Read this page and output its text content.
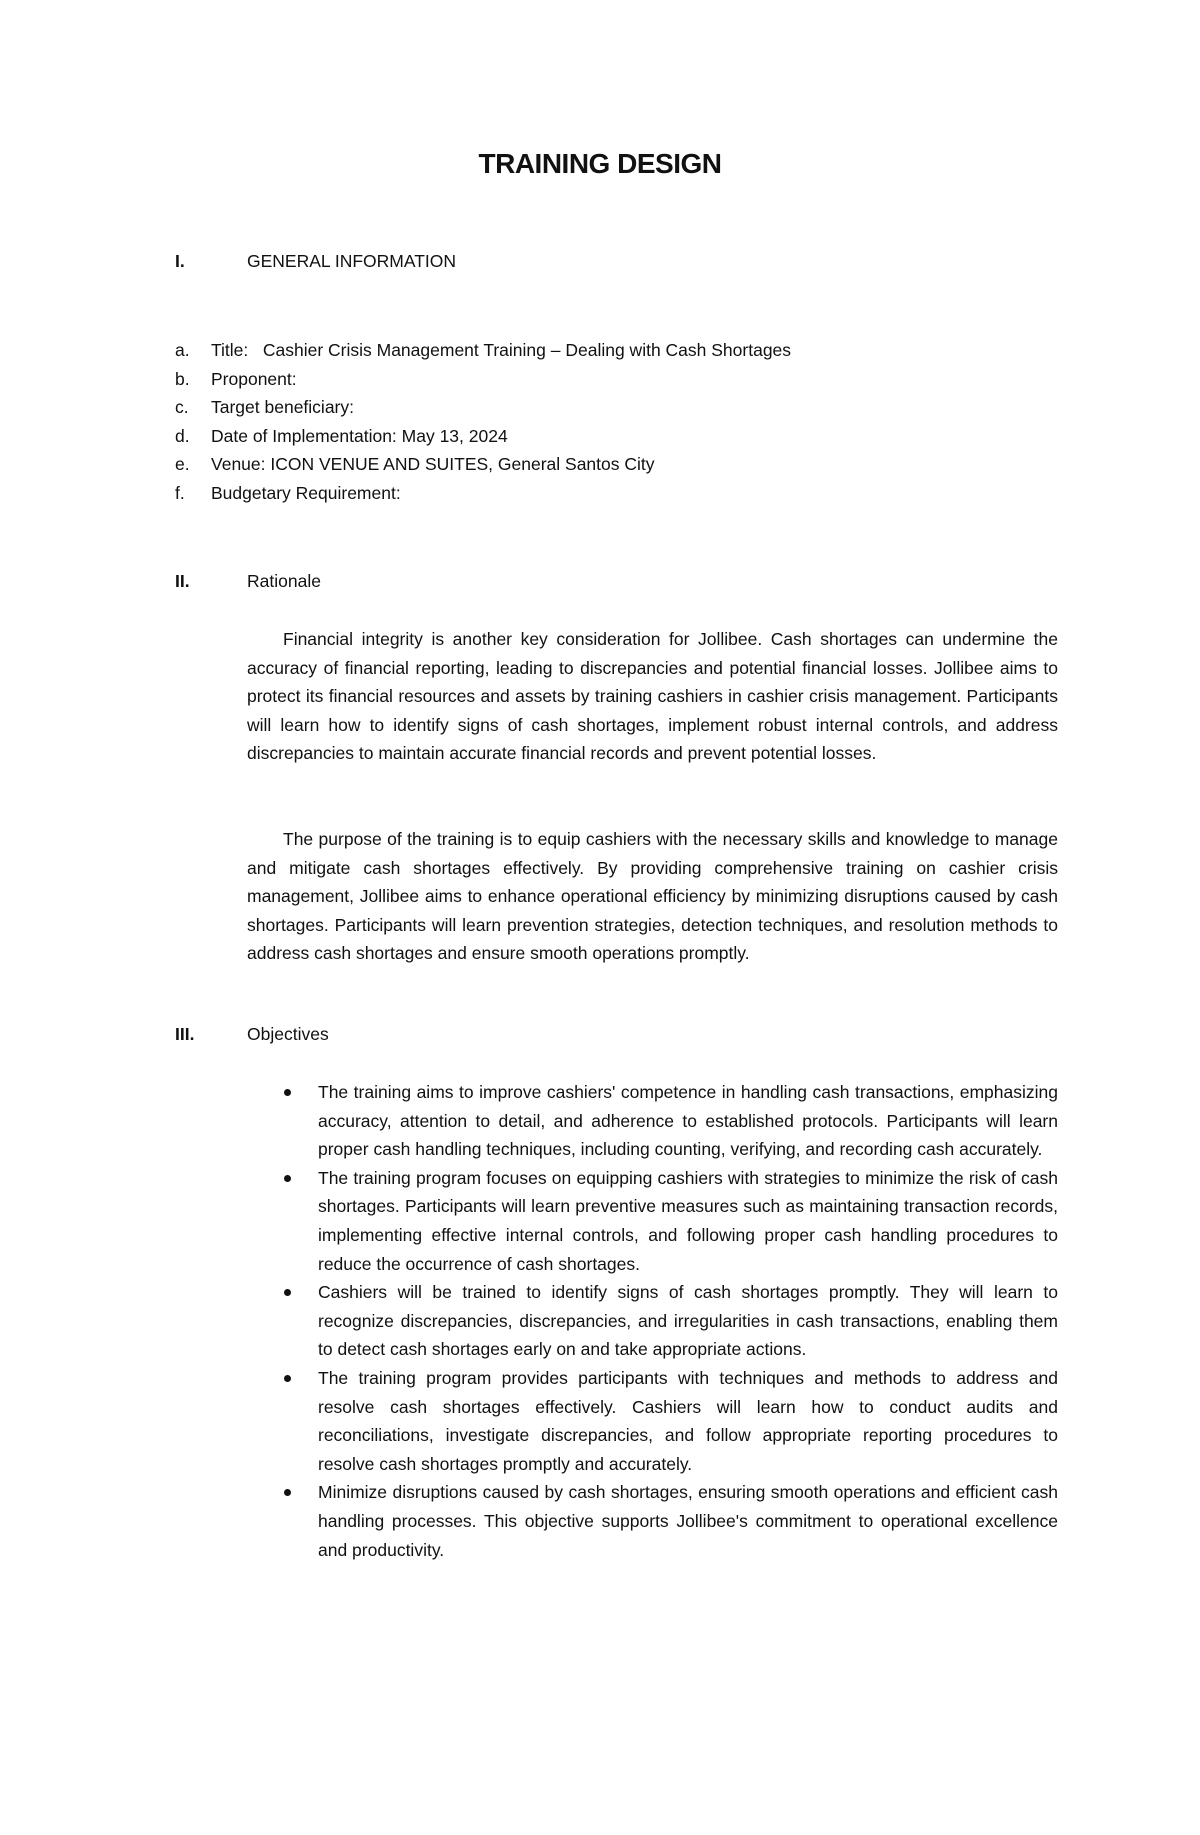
TRAINING DESIGN
I.	GENERAL INFORMATION
a.	Title:   Cashier Crisis Management Training – Dealing with Cash Shortages
b.	Proponent:
c.	Target beneficiary:
d.	Date of Implementation: May 13, 2024
e.	Venue: ICON VENUE AND SUITES, General Santos City
f.	Budgetary Requirement:
II.	Rationale

Financial integrity is another key consideration for Jollibee. Cash shortages can undermine the accuracy of financial reporting, leading to discrepancies and potential financial losses. Jollibee aims to protect its financial resources and assets by training cashiers in cashier crisis management. Participants will learn how to identify signs of cash shortages, implement robust internal controls, and address discrepancies to maintain accurate financial records and prevent potential losses.

The purpose of the training is to equip cashiers with the necessary skills and knowledge to manage and mitigate cash shortages effectively. By providing comprehensive training on cashier crisis management, Jollibee aims to enhance operational efficiency by minimizing disruptions caused by cash shortages. Participants will learn prevention strategies, detection techniques, and resolution methods to address cash shortages and ensure smooth operations promptly.

III.	Objectives
The training aims to improve cashiers' competence in handling cash transactions, emphasizing accuracy, attention to detail, and adherence to established protocols. Participants will learn proper cash handling techniques, including counting, verifying, and recording cash accurately.
The training program focuses on equipping cashiers with strategies to minimize the risk of cash shortages. Participants will learn preventive measures such as maintaining transaction records, implementing effective internal controls, and following proper cash handling procedures to reduce the occurrence of cash shortages.
Cashiers will be trained to identify signs of cash shortages promptly. They will learn to recognize discrepancies, discrepancies, and irregularities in cash transactions, enabling them to detect cash shortages early on and take appropriate actions.
The training program provides participants with techniques and methods to address and resolve cash shortages effectively. Cashiers will learn how to conduct audits and reconciliations, investigate discrepancies, and follow appropriate reporting procedures to resolve cash shortages promptly and accurately.
Minimize disruptions caused by cash shortages, ensuring smooth operations and efficient cash handling processes. This objective supports Jollibee's commitment to operational excellence and productivity.
